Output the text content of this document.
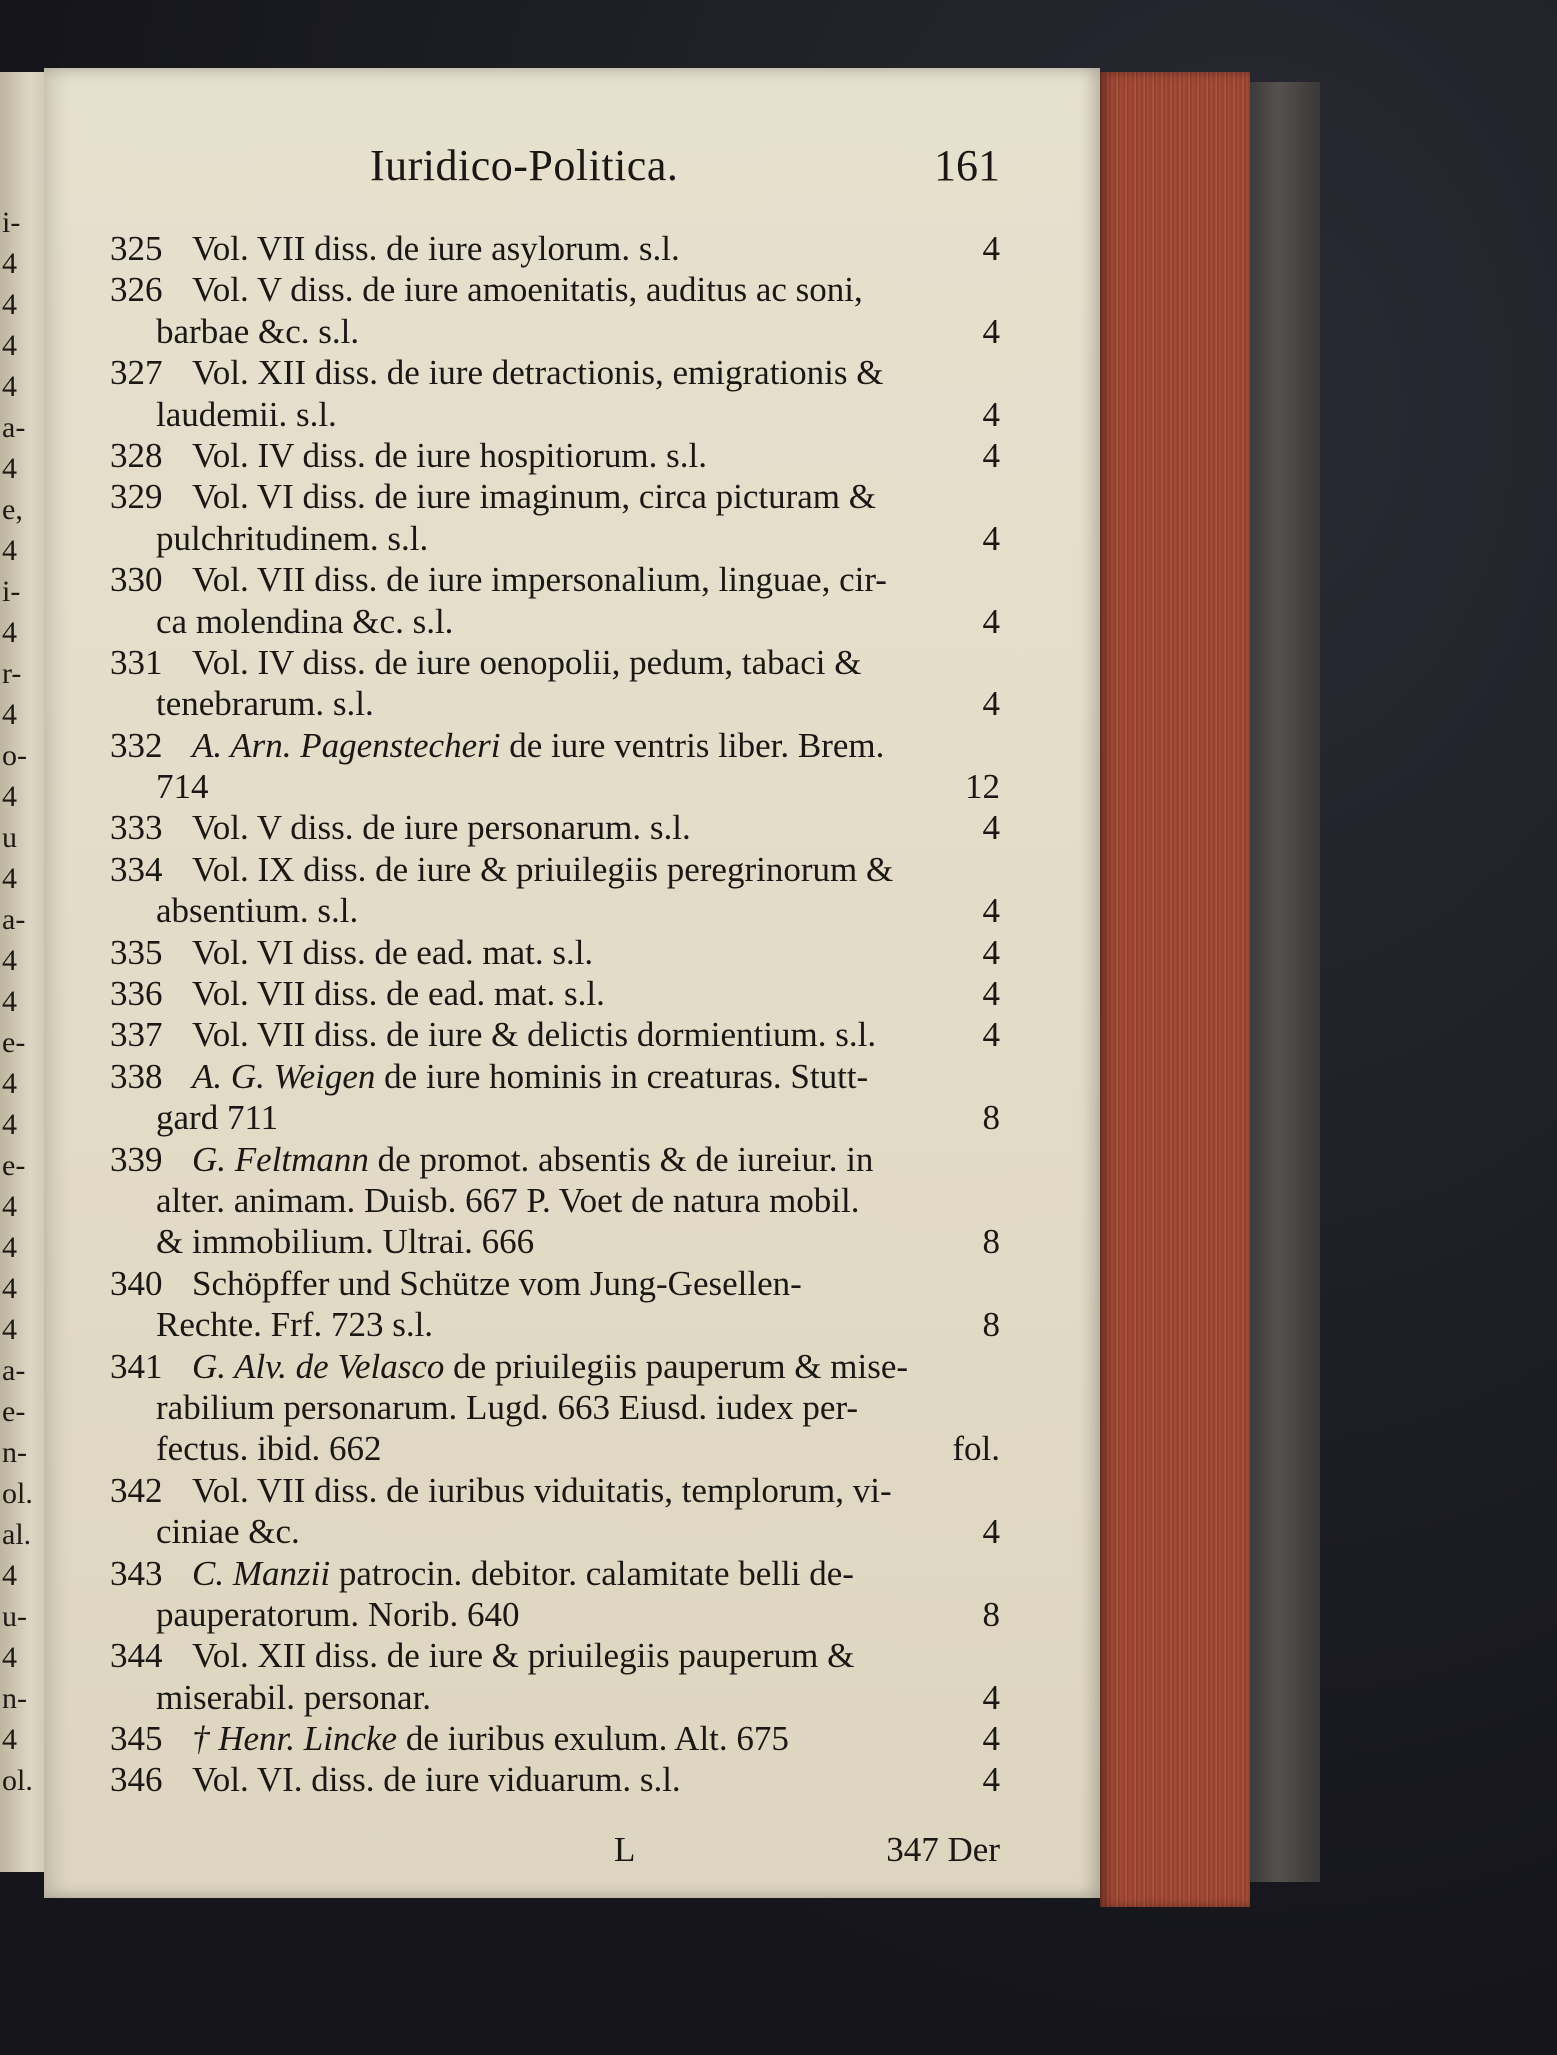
i-
4
4
4
4
a-
4
e,
4
i-
4
r-
4
o-
4
u
4
a-
4
4
e-
4
4
e-
4
4
4
4
a-
e-
n-
ol.
al.
4
u-
4
n-
4
ol.
Iuridico-Politica.	161
325 Vol. VII diss. de iure asylorum. s.l.	4
326 Vol. V diss. de iure amoenitatis, auditus ac soni,
barbae &c. s.l.	4
327 Vol. XII diss. de iure detractionis, emigrationis &
laudemii. s.l.	4
328 Vol. IV diss. de iure hospitiorum. s.l.	4
329 Vol. VI diss. de iure imaginum, circa picturam &
pulchritudinem. s.l.	4
330 Vol. VII diss. de iure impersonalium, linguae, cir-
ca molendina &c. s.l.	4
331 Vol. IV diss. de iure oenopolii, pedum, tabaci &
tenebrarum. s.l.	4
332 A. Arn. Pagenstecheri de iure ventris liber. Brem.
714	12
333 Vol. V diss. de iure personarum. s.l.	4
334 Vol. IX diss. de iure & priuilegiis peregrinorum &
absentium. s.l.	4
335 Vol. VI diss. de ead. mat. s.l.	4
336 Vol. VII diss. de ead. mat. s.l.	4
337 Vol. VII diss. de iure & delictis dormientium. s.l.	4
338 A. G. Weigen de iure hominis in creaturas. Stutt-
gard 711	8
339 G. Feltmann de promot. absentis & de iureiur. in
alter. animam. Duisb. 667 P. Voet de natura mobil.
& immobilium. Ultrai. 666	8
340 Schöpffer und Schütze vom Jung-Gesellen-
Rechte. Frf. 723 s.l.	8
341 G. Alv. de Velasco de priuilegiis pauperum & mise-
rabilium personarum. Lugd. 663 Eiusd. iudex per-
fectus. ibid. 662	fol.
342 Vol. VII diss. de iuribus viduitatis, templorum, vi-
ciniae &c.	4
343 C. Manzii patrocin. debitor. calamitate belli de-
pauperatorum. Norib. 640	8
344 Vol. XII diss. de iure & priuilegiis pauperum &
miserabil. personar.	4
345 † Henr. Lincke de iuribus exulum. Alt. 675	4
346 Vol. VI. diss. de iure viduarum. s.l.	4
L	347 Der
